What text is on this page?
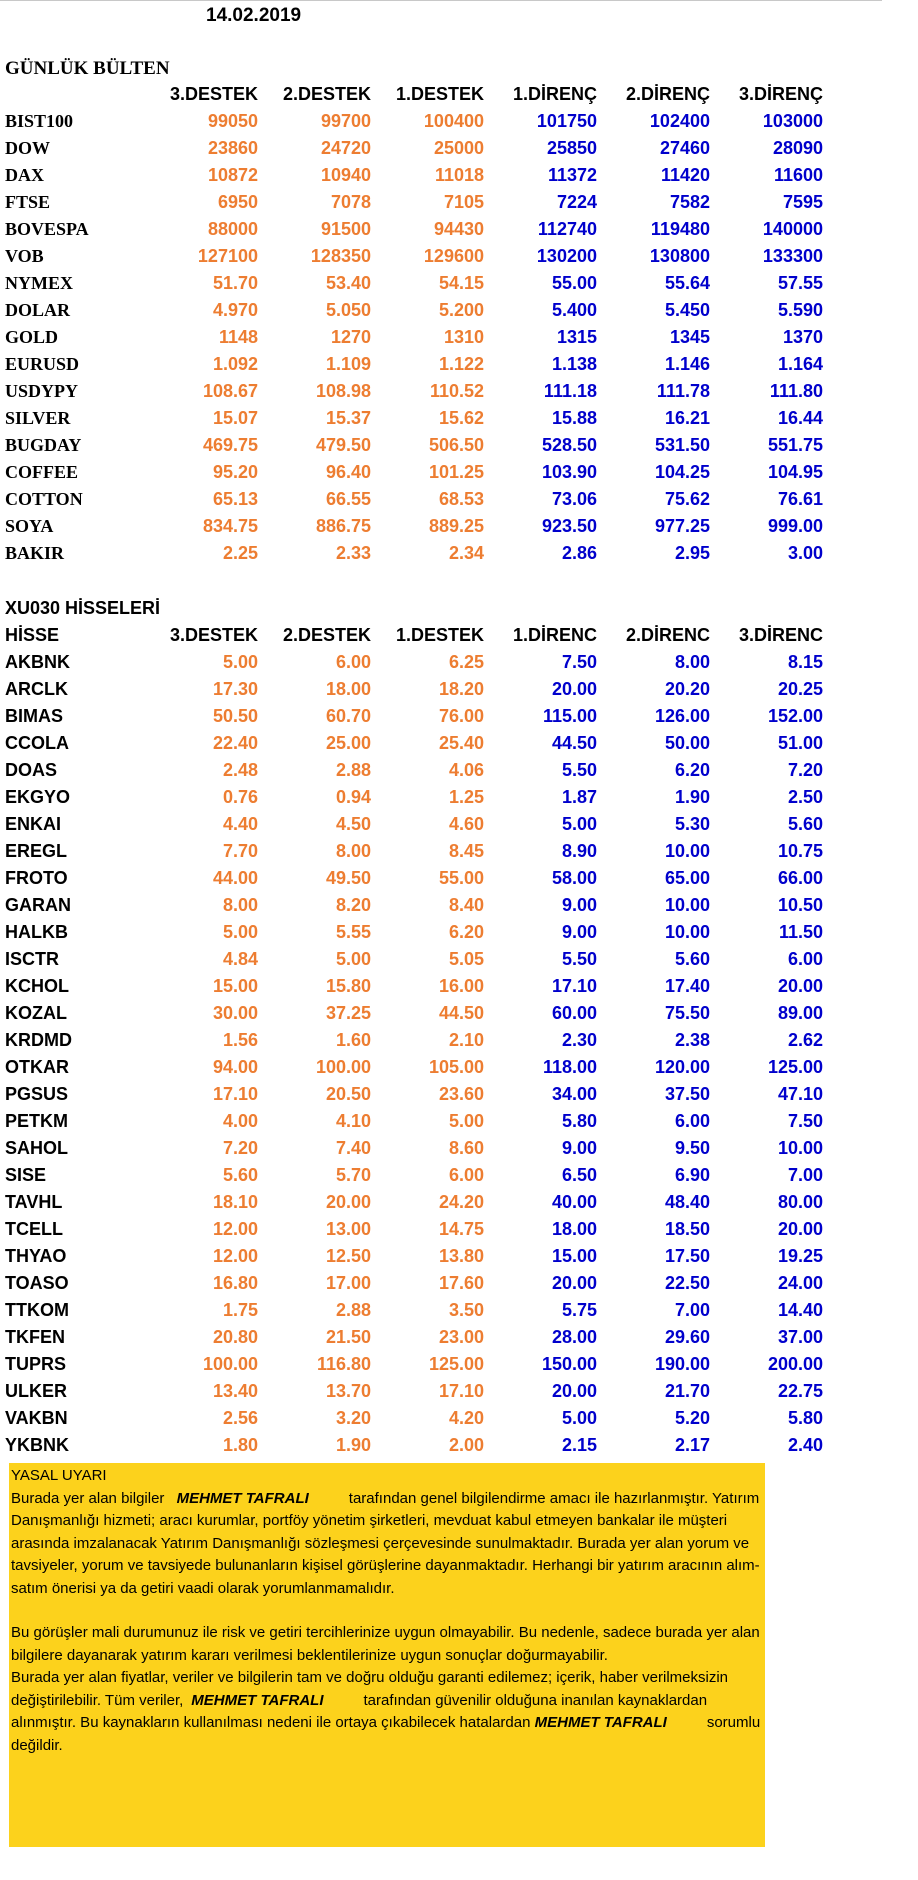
14.02.2019
GÜNLÜK BÜLTEN
	3.DESTEK	2.DESTEK	1.DESTEK	1.DİRENÇ	2.DİRENÇ	3.DİRENÇ
BIST100	99050	99700	100400	101750	102400	103000
DOW	23860	24720	25000	25850	27460	28090
DAX	10872	10940	11018	11372	11420	11600
FTSE	6950	7078	7105	7224	7582	7595
BOVESPA	88000	91500	94430	112740	119480	140000
VOB	127100	128350	129600	130200	130800	133300
NYMEX	51.70	53.40	54.15	55.00	55.64	57.55
DOLAR	4.970	5.050	5.200	5.400	5.450	5.590
GOLD	1148	1270	1310	1315	1345	1370
EURUSD	1.092	1.109	1.122	1.138	1.146	1.164
USDYPY	108.67	108.98	110.52	111.18	111.78	111.80
SILVER	15.07	15.37	15.62	15.88	16.21	16.44
BUGDAY	469.75	479.50	506.50	528.50	531.50	551.75
COFFEE	95.20	96.40	101.25	103.90	104.25	104.95
COTTON	65.13	66.55	68.53	73.06	75.62	76.61
SOYA	834.75	886.75	889.25	923.50	977.25	999.00
BAKIR	2.25	2.33	2.34	2.86	2.95	3.00
XU030 HİSSELERİ
HİSSE	3.DESTEK	2.DESTEK	1.DESTEK	1.DİRENC	2.DİRENC	3.DİRENC
AKBNK	5.00	6.00	6.25	7.50	8.00	8.15
ARCLK	17.30	18.00	18.20	20.00	20.20	20.25
BIMAS	50.50	60.70	76.00	115.00	126.00	152.00
CCOLA	22.40	25.00	25.40	44.50	50.00	51.00
DOAS	2.48	2.88	4.06	5.50	6.20	7.20
EKGYO	0.76	0.94	1.25	1.87	1.90	2.50
ENKAI	4.40	4.50	4.60	5.00	5.30	5.60
EREGL	7.70	8.00	8.45	8.90	10.00	10.75
FROTO	44.00	49.50	55.00	58.00	65.00	66.00
GARAN	8.00	8.20	8.40	9.00	10.00	10.50
HALKB	5.00	5.55	6.20	9.00	10.00	11.50
ISCTR	4.84	5.00	5.05	5.50	5.60	6.00
KCHOL	15.00	15.80	16.00	17.10	17.40	20.00
KOZAL	30.00	37.25	44.50	60.00	75.50	89.00
KRDMD	1.56	1.60	2.10	2.30	2.38	2.62
OTKAR	94.00	100.00	105.00	118.00	120.00	125.00
PGSUS	17.10	20.50	23.60	34.00	37.50	47.10
PETKM	4.00	4.10	5.00	5.80	6.00	7.50
SAHOL	7.20	7.40	8.60	9.00	9.50	10.00
SISE	5.60	5.70	6.00	6.50	6.90	7.00
TAVHL	18.10	20.00	24.20	40.00	48.40	80.00
TCELL	12.00	13.00	14.75	18.00	18.50	20.00
THYAO	12.00	12.50	13.80	15.00	17.50	19.25
TOASO	16.80	17.00	17.60	20.00	22.50	24.00
TTKOM	1.75	2.88	3.50	5.75	7.00	14.40
TKFEN	20.80	21.50	23.00	28.00	29.60	37.00
TUPRS	100.00	116.80	125.00	150.00	190.00	200.00
ULKER	13.40	13.70	17.10	20.00	21.70	22.75
VAKBN	2.56	3.20	4.20	5.00	5.20	5.80
YKBNK	1.80	1.90	2.00	2.15	2.17	2.40

YASAL UYARI

Burada yer alan bilgiler MEHMET TAFRALI	tarafından genel bilgilendirme amacı ile hazırlanmıştır. Yatırım Danışmanlığı hizmeti; aracı kurumlar, portföy yönetim şirketleri, mevduat kabul etmeyen bankalar ile müşteri arasında imzalanacak Yatırım Danışmanlığı sözleşmesi çerçevesinde sunulmaktadır. Burada yer alan yorum ve tavsiyeler, yorum ve tavsiyede bulunanların kişisel görüşlerine dayanmaktadır. Herhangi bir yatırım aracının alım-satım önerisi ya da getiri vaadi olarak yorumlanmamalıdır.

Bu görüşler mali durumunuz ile risk ve getiri tercihlerinize uygun olmayabilir. Bu nedenle, sadece burada yer alan bilgilere dayanarak yatırım kararı verilmesi beklentilerinize uygun sonuçlar doğurmayabilir.

Burada yer alan fiyatlar, veriler ve bilgilerin tam ve doğru olduğu garanti edilemez; içerik, haber verilmeksizin değiştirilebilir. Tüm veriler, MEHMET TAFRALI	tarafından güvenilir olduğuna inanılan kaynaklardan alınmıştır. Bu kaynakların kullanılması nedeni ile ortaya çıkabilecek hatalardan MEHMET TAFRALI	sorumlu değildir.
